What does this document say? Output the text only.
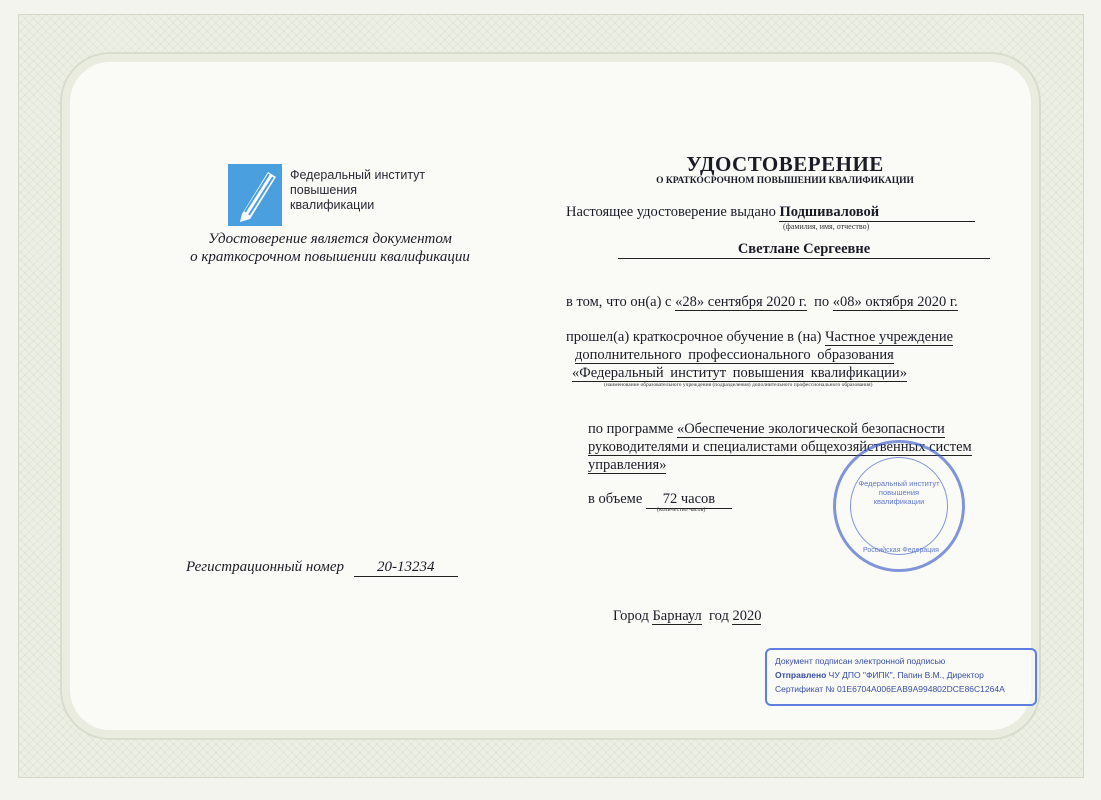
Федеральный институт
повышения
квалификации
Удостоверение является документом
о краткосрочном повышении квалификации
Регистрационный номер 20-13234
УДОСТОВЕРЕНИЕ
О КРАТКОСРОЧНОМ ПОВЫШЕНИИ КВАЛИФИКАЦИИ
Настоящее удостоверение выдано Подшиваловой
(фамилия, имя, отчество)
Светлане Сергеевне
в том, что он(а) с «28» сентября 2020 г. по «08» октября 2020 г.
прошел(а) краткосрочное обучение в (на) Частное учреждение
дополнительного профессионального образования
«Федеральный институт повышения квалификации»
(наименование образовательного учреждения (подразделения) дополнительного профессионального образования)
по программе «Обеспечение экологической безопасности
руководителями и специалистами общехозяйственных систем
управления»
в объеме 72 часов
(количество часов)
Город Барнаул год 2020
Федеральный институт повышения квалификации
Российская Федерация
Документ подписан электронной подписью
Отправлено ЧУ ДПО "ФИПК", Папин В.М., Директор
Сертификат № 01E6704A006EAB9A994802DCE86C1264A
